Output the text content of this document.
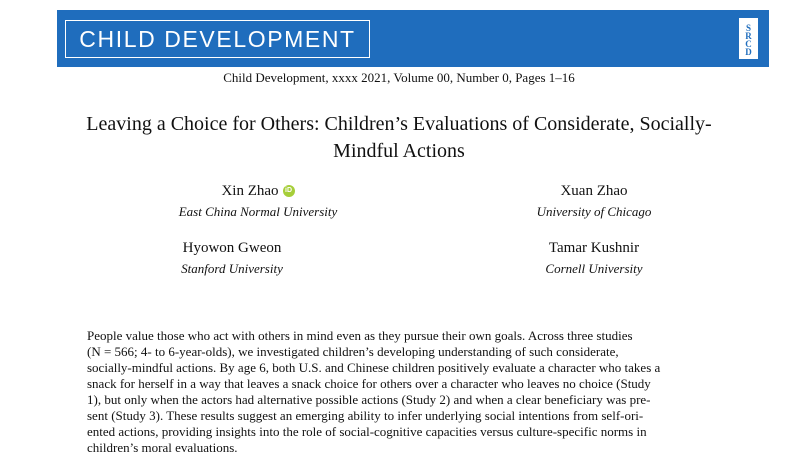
CHILD DEVELOPMENT	S
R
C
D
Child Development, xxxx 2021, Volume 00, Number 0, Pages 1–16
Leaving a Choice for Others: Children’s Evaluations of Considerate, Socially-
Mindful Actions
Xin Zhao iD
East China Normal University
Xuan Zhao
University of Chicago
Hyowon Gweon
Stanford University
Tamar Kushnir
Cornell University
People value those who act with others in mind even as they pursue their own goals. Across three studies
(N = 566; 4- to 6-year-olds), we investigated children’s developing understanding of such considerate,
socially-mindful actions. By age 6, both U.S. and Chinese children positively evaluate a character who takes a
snack for herself in a way that leaves a snack choice for others over a character who leaves no choice (Study
1), but only when the actors had alternative possible actions (Study 2) and when a clear beneficiary was pre-
sent (Study 3). These results suggest an emerging ability to infer underlying social intentions from self-ori-
ented actions, providing insights into the role of social-cognitive capacities versus culture-specific norms in
children’s moral evaluations.
